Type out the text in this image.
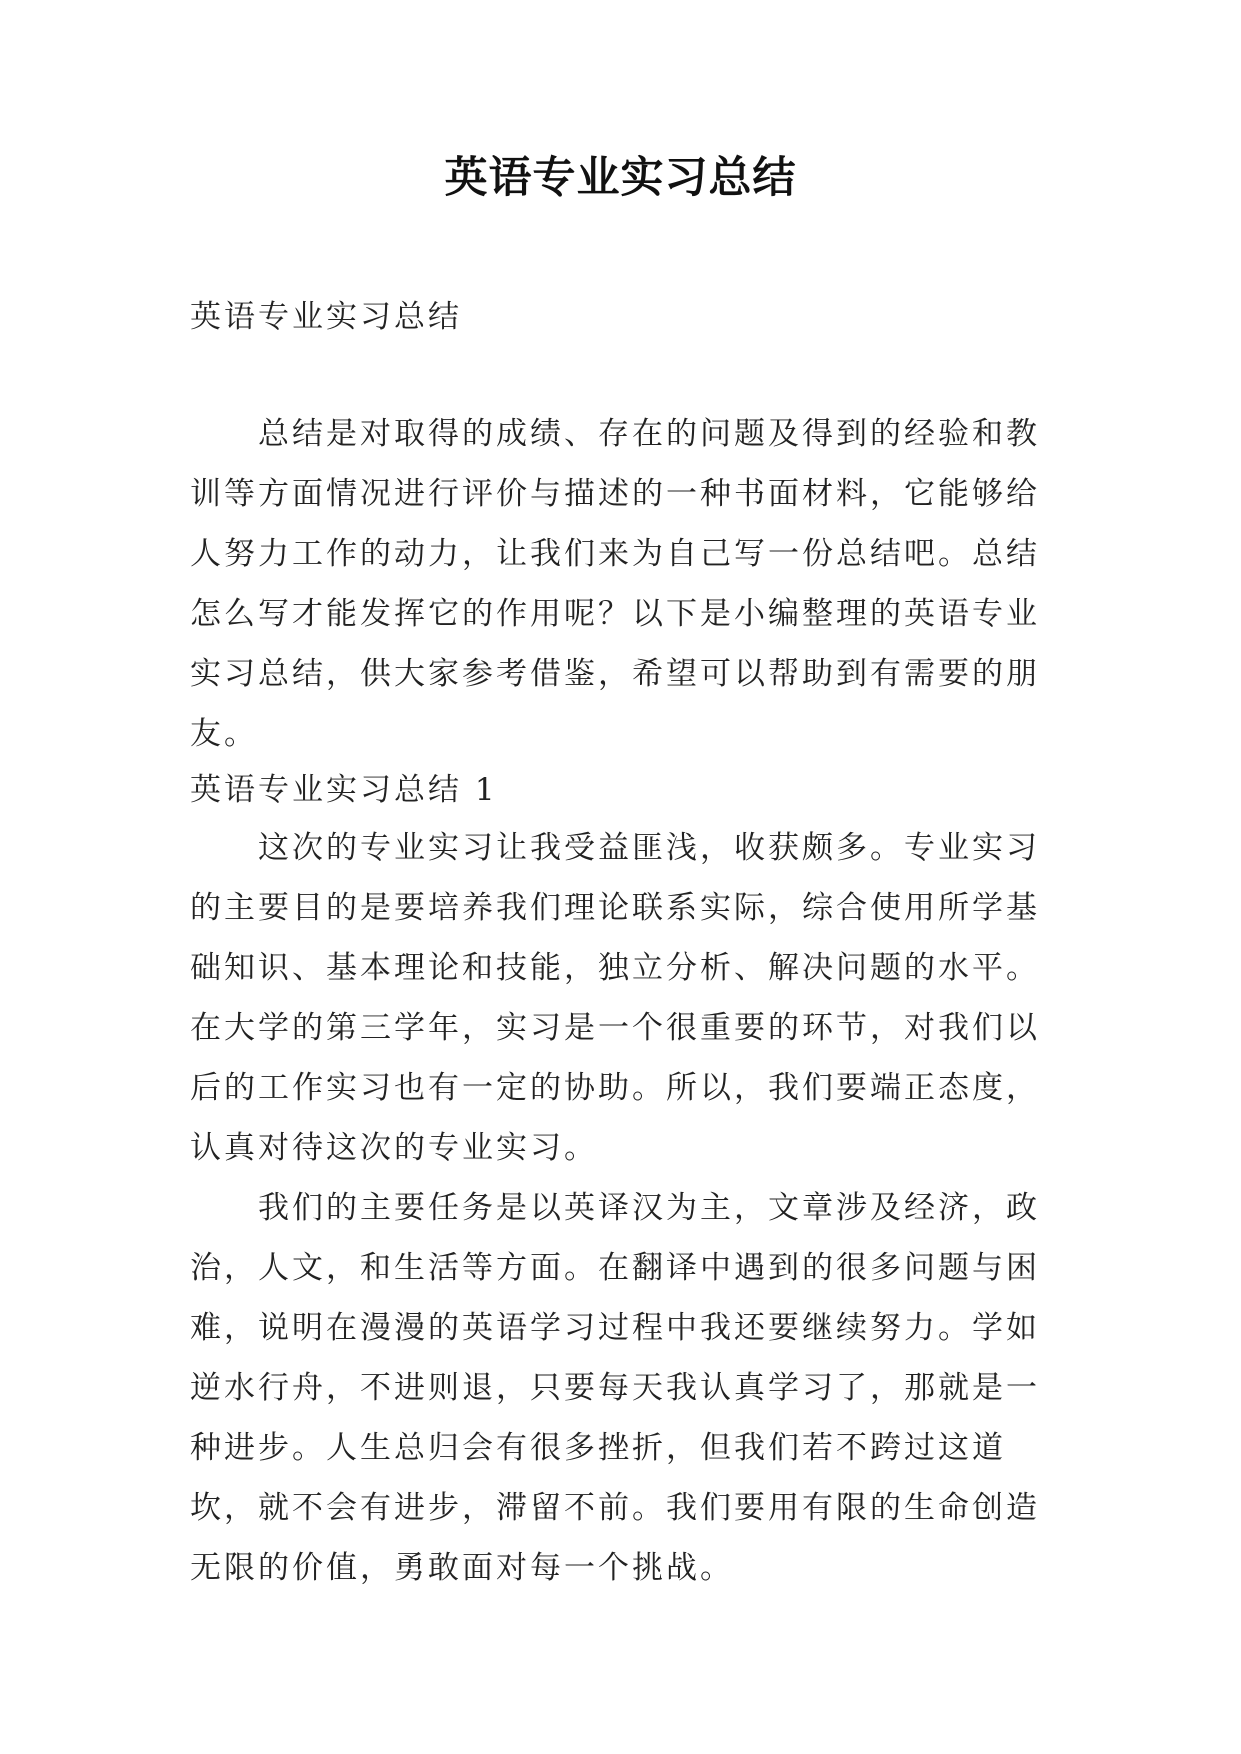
英语专业实习总结

英语专业实习总结

总结是对取得的成绩、存在的问题及得到的经验和教训等方面情况进行评价与描述的一种书面材料，它能够给人努力工作的动力，让我们来为自己写一份总结吧。总结怎么写才能发挥它的作用呢？以下是小编整理的英语专业实习总结，供大家参考借鉴，希望可以帮助到有需要的朋友。

英语专业实习总结 1

这次的专业实习让我受益匪浅，收获颇多。专业实习的主要目的是要培养我们理论联系实际，综合使用所学基础知识、基本理论和技能，独立分析、解决问题的水平。在大学的第三学年，实习是一个很重要的环节，对我们以后的工作实习也有一定的协助。所以，我们要端正态度，认真对待这次的专业实习。

我们的主要任务是以英译汉为主，文章涉及经济，政治，人文，和生活等方面。在翻译中遇到的很多问题与困难，说明在漫漫的英语学习过程中我还要继续努力。学如逆水行舟，不进则退，只要每天我认真学习了，那就是一种进步。人生总归会有很多挫折，但我们若不跨过这道坎，就不会有进步，滞留不前。我们要用有限的生命创造无限的价值，勇敢面对每一个挑战。
